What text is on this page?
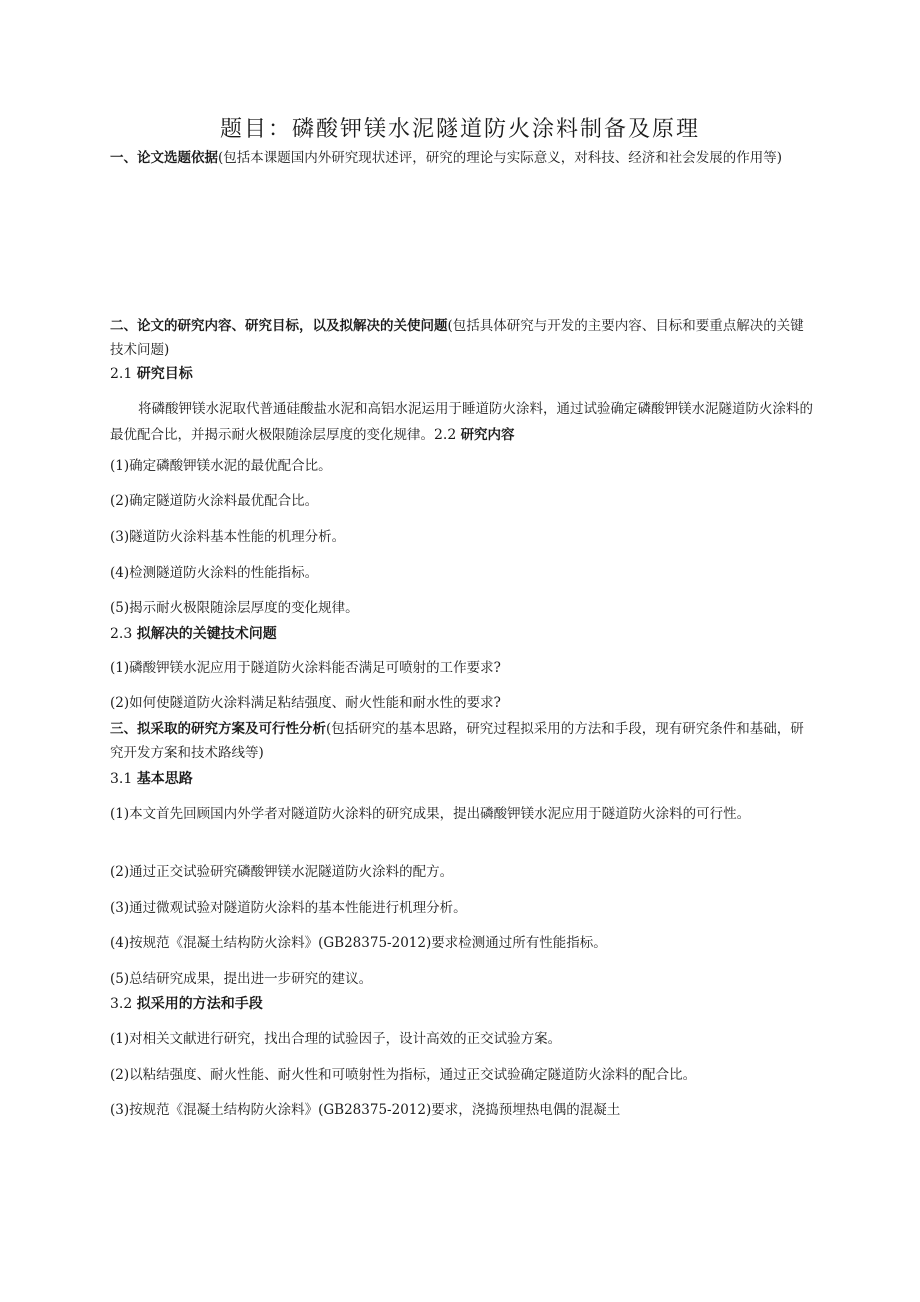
题目：磷酸钾镁水泥隧道防火涂料制备及原理

一、论文选题依据(包括本课题国内外研究现状述评，研究的理论与实际意义，对科技、经济和社会发展的作用等)

二、论文的研究内容、研究目标，以及拟解决的关使问题(包括具体研究与开发的主要内容、目标和要重点解决的关键技术问题)

2.1 研究目标

将磷酸钾镁水泥取代普通硅酸盐水泥和高铝水泥运用于睡道防火涂料，通过试验确定磷酸钾镁水泥隧道防火涂料的最优配合比，并揭示耐火极限随涂层厚度的变化规律。2.2 研究内容

(1)确定磷酸钾镁水泥的最优配合比。

(2)确定隧道防火涂料最优配合比。

(3)隧道防火涂料基本性能的机理分析。

(4)检测隧道防火涂料的性能指标。

(5)揭示耐火极限随涂层厚度的变化规律。

2.3 拟解决的关键技术问题

(1)磷酸钾镁水泥应用于隧道防火涂料能否满足可喷射的工作要求?

(2)如何使隧道防火涂料满足粘结强度、耐火性能和耐水性的要求?

三、拟采取的研究方案及可行性分析(包括研究的基本思路，研究过程拟采用的方法和手段，现有研究条件和基础，研究开发方案和技术路线等)

3.1 基本思路

(1)本文首先回顾国内外学者对隧道防火涂料的研究成果，提出磷酸钾镁水泥应用于隧道防火涂料的可行性。

(2)通过正交试验研究磷酸钾镁水泥隧道防火涂料的配方。

(3)通过微观试验对隧道防火涂料的基本性能进行机理分析。

(4)按规范《混凝土结构防火涂料》(GB28375-2012)要求检测通过所有性能指标。

(5)总结研究成果，提出进一步研究的建议。

3.2 拟采用的方法和手段

(1)对相关文献进行研究，找出合理的试验因子，设计高效的正交试验方案。

(2)以粘结强度、耐火性能、耐火性和可喷射性为指标，通过正交试验确定隧道防火涂料的配合比。

(3)按规范《混凝土结构防火涂料》(GB28375-2012)要求，浇捣预埋热电偶的混凝土
